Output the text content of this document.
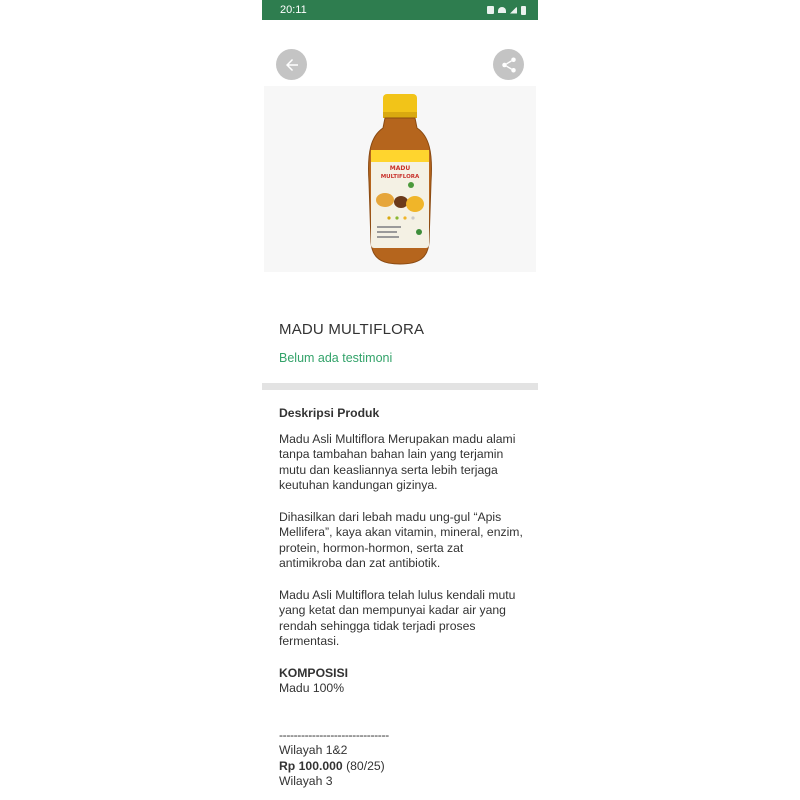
20:11
MADU
MULTIFLORA
MADU MULTIFLORA
Belum ada testimoni
Deskripsi Produk

Madu Asli Multiflora Merupakan madu alami tanpa tambahan bahan lain yang terjamin mutu dan keasliannya serta lebih terjaga keutuhan kandungan gizinya.

Dihasilkan dari lebah madu ung-gul “Apis Mellifera”, kaya akan vitamin, mineral, enzim, protein, hormon-hormon, serta zat antimikroba dan zat antibiotik.

Madu Asli Multiflora telah lulus kendali mutu yang ketat dan mempunyai kadar air yang rendah sehingga tidak terjadi proses fermentasi.

KOMPOSISI
Madu 100%
------------------------------
Wilayah 1&2
Rp 100.000 (80/25)
Wilayah 3
